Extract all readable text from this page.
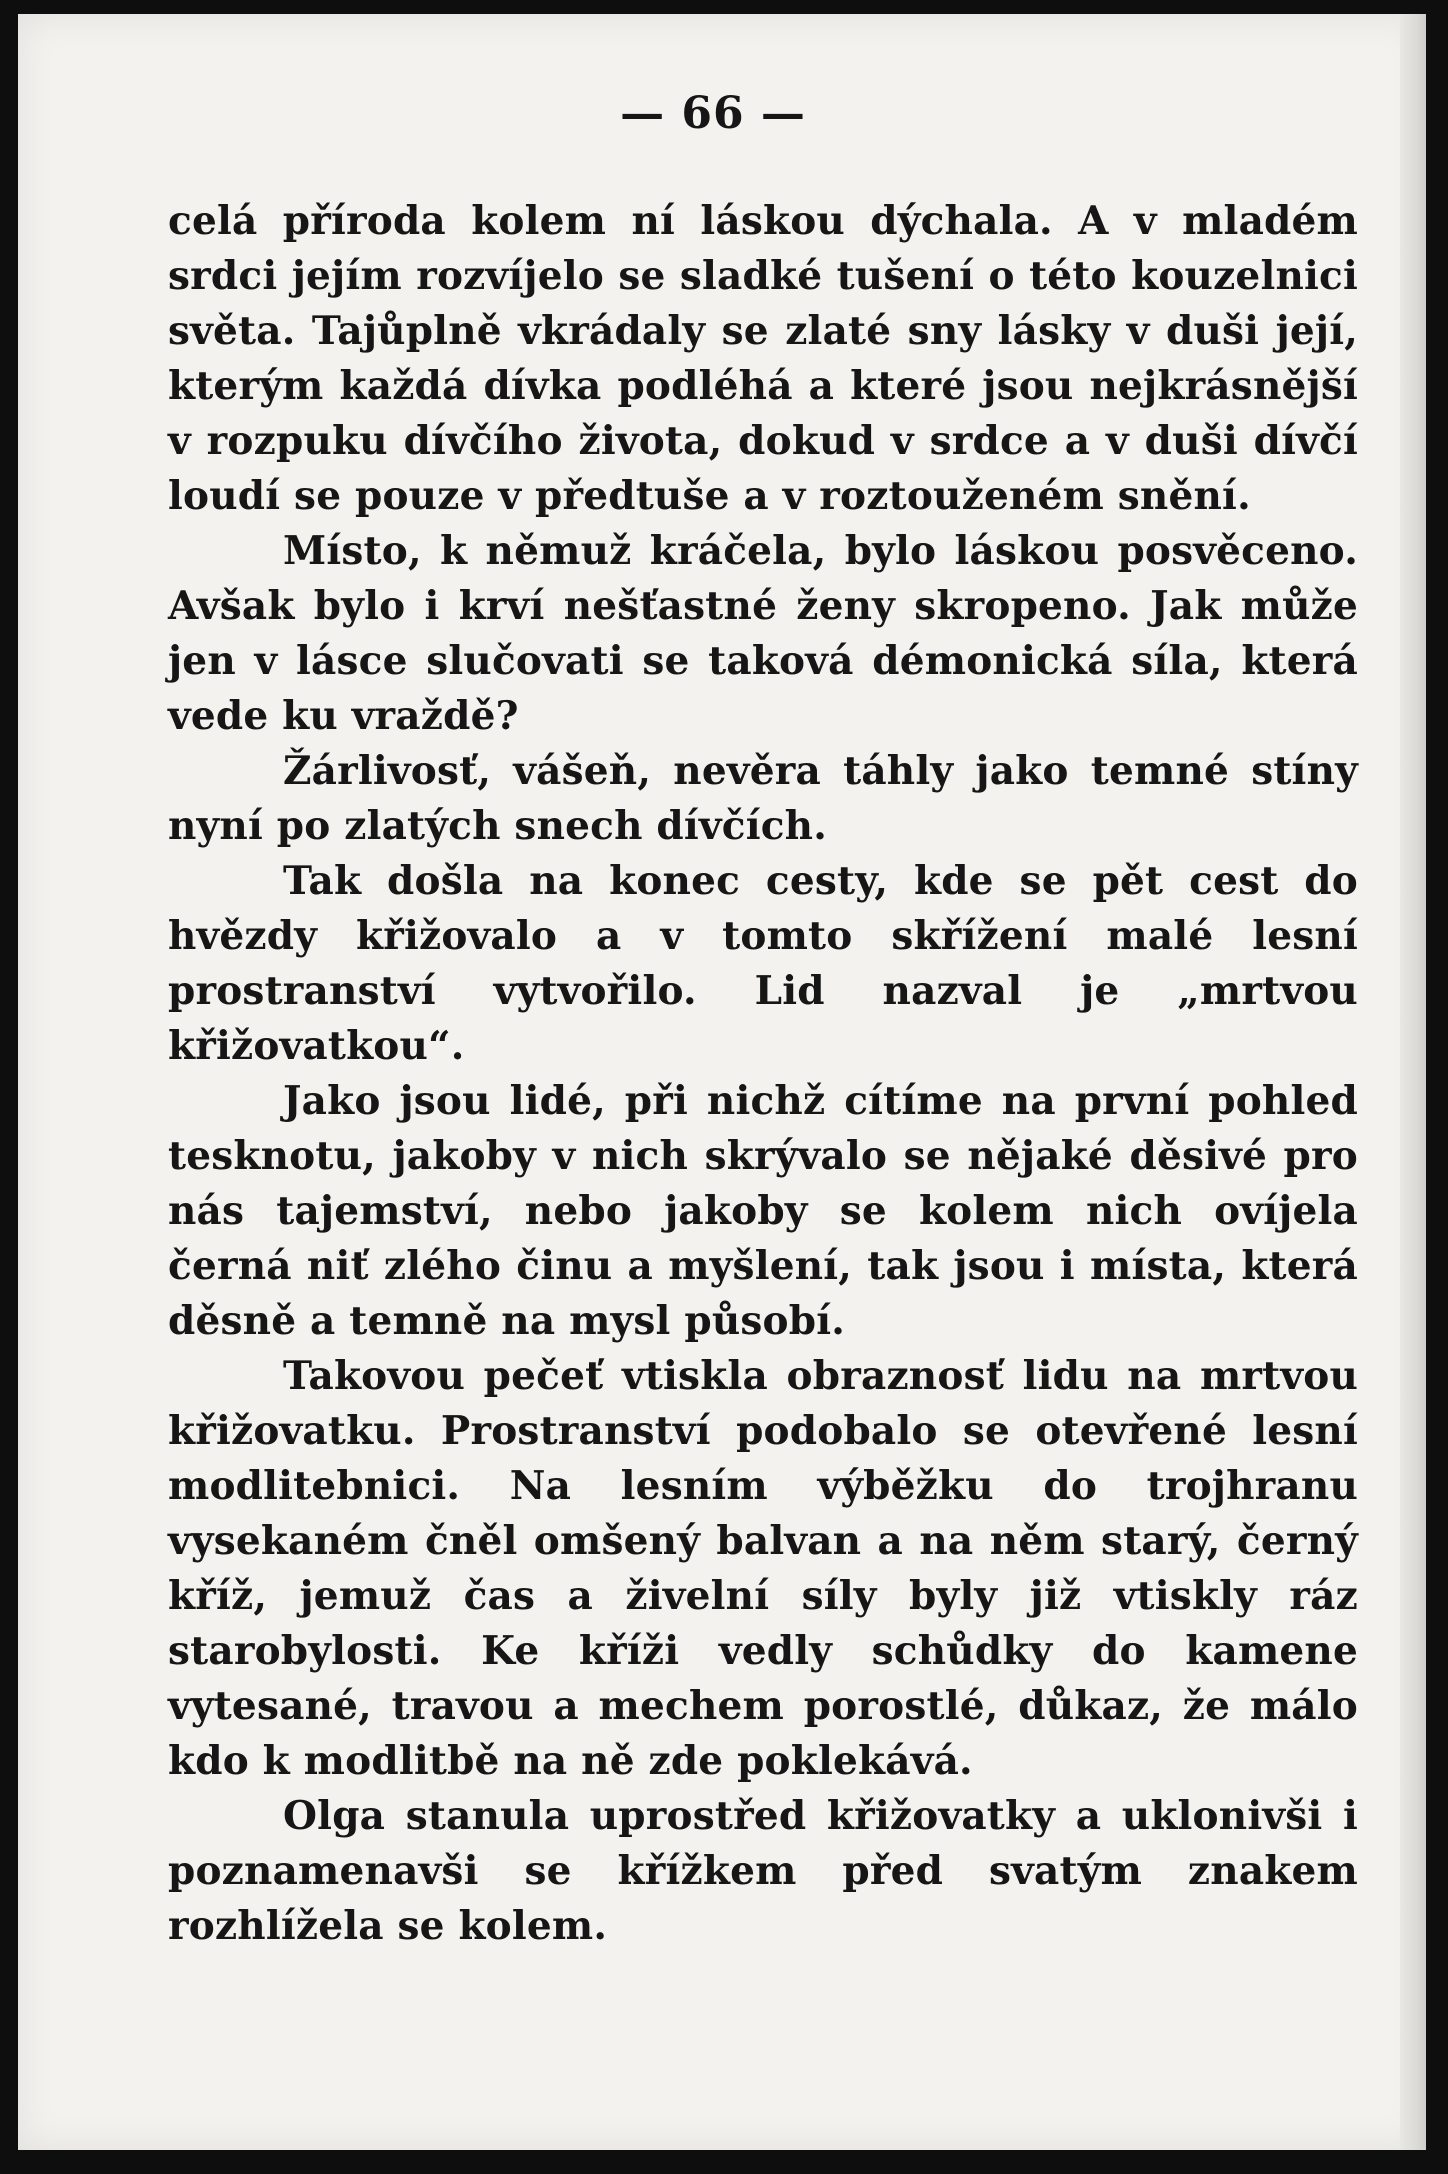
— 66 —

celá příroda kolem ní láskou dýchala. A v mladém srdci jejím rozvíjelo se sladké tušení o této kouzelnici světa. Tajůplně vkrádaly se zlaté sny lásky v duši její, kterým každá dívka podléhá a které jsou nejkrásnější v rozpuku dívčího života, dokud v srdce a v duši dívčí loudí se pouze v předtuše a v roztouženém snění.

Místo, k němuž kráčela, bylo láskou posvěceno. Avšak bylo i krví nešťastné ženy skropeno. Jak může jen v lásce slučovati se taková démonická síla, která vede ku vraždě?

Žárlivosť, vášeň, nevěra táhly jako temné stíny nyní po zlatých snech dívčích.

Tak došla na konec cesty, kde se pět cest do hvězdy křižovalo a v tomto skřížení malé lesní prostranství vytvořilo. Lid nazval je „mrtvou křižovatkou“.

Jako jsou lidé, při nichž cítíme na první pohled tesknotu, jakoby v nich skrývalo se nějaké děsivé pro nás tajemství, nebo jakoby se kolem nich ovíjela černá niť zlého činu a myšlení, tak jsou i místa, která děsně a temně na mysl působí.

Takovou pečeť vtiskla obraznosť lidu na mrtvou křižovatku. Prostranství podobalo se otevřené lesní modlitebnici. Na lesním výběžku do trojhranu vysekaném čněl omšený balvan a na něm starý, černý kříž, jemuž čas a živelní síly byly již vtiskly ráz starobylosti. Ke kříži vedly schůdky do kamene vytesané, travou a mechem porostlé, důkaz, že málo kdo k modlitbě na ně zde poklekává.

Olga stanula uprostřed křižovatky a uklonivši i poznamenavši se křížkem před svatým znakem rozhlížela se kolem.
